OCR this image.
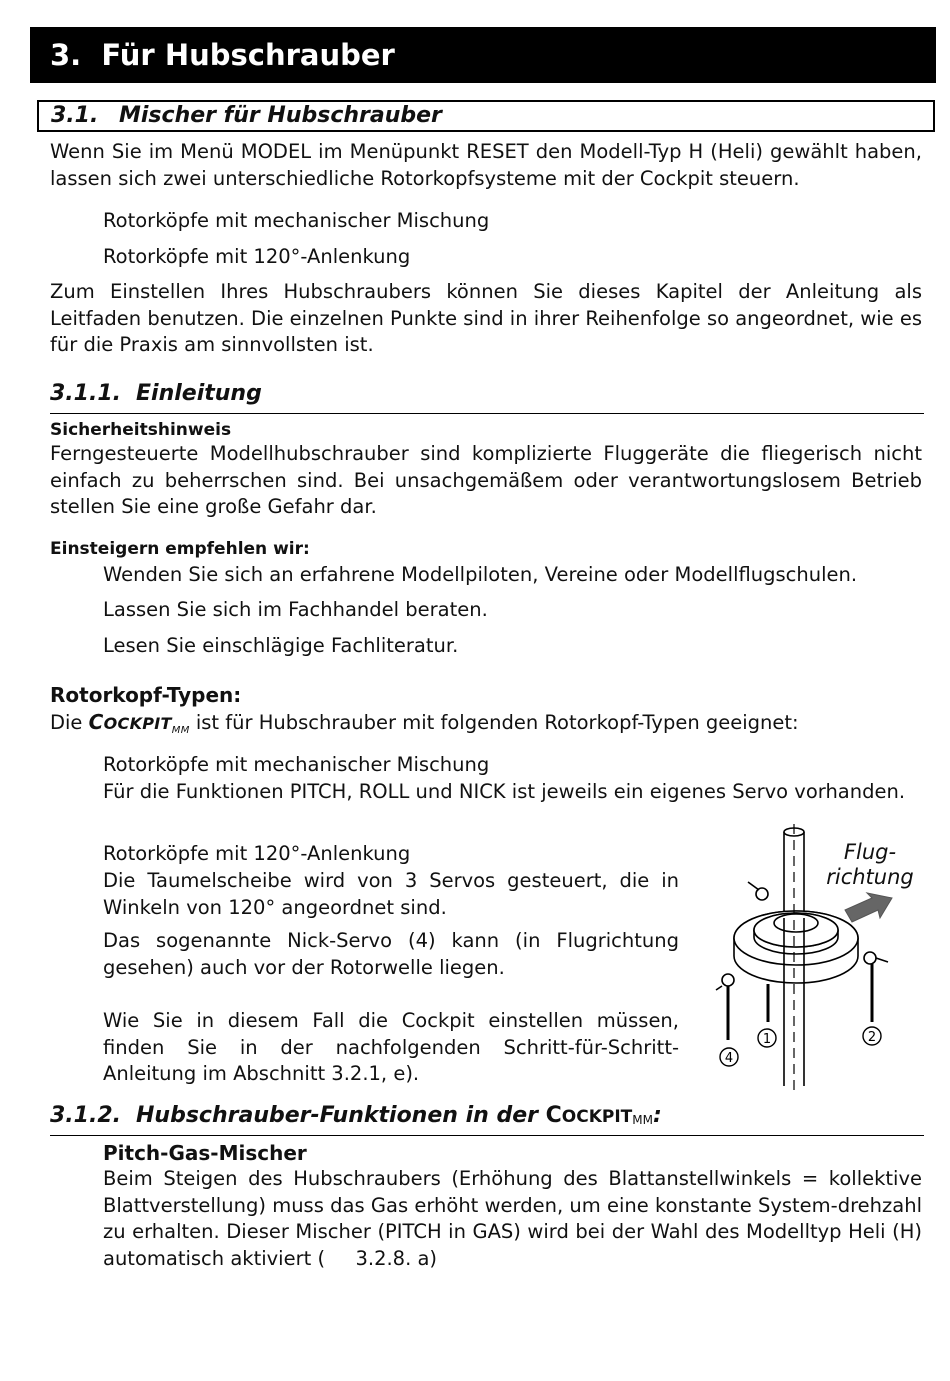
3. Für Hubschrauber
3.1. Mischer für Hubschrauber
Wenn Sie im Menü MODEL im Menüpunkt RESET den Modell-Typ H (Heli) gewählt haben, lassen sich zwei unterschiedliche Rotorkopfsysteme mit der Cockpit steuern.
Rotorköpfe mit mechanischer Mischung
Rotorköpfe mit 120°-Anlenkung
Zum Einstellen Ihres Hubschraubers können Sie dieses Kapitel der Anleitung als Leitfaden benutzen. Die einzelnen Punkte sind in ihrer Reihenfolge so angeordnet, wie es für die Praxis am sinnvollsten ist.
3.1.1. Einleitung
Sicherheitshinweis
Ferngesteuerte Modellhubschrauber sind komplizierte Fluggeräte die fliegerisch nicht einfach zu beherrschen sind. Bei unsachgemäßem oder verantwortungslosem Betrieb stellen Sie eine große Gefahr dar.
Einsteigern empfehlen wir:
Wenden Sie sich an erfahrene Modellpiloten, Vereine oder Modellflugschulen.
Lassen Sie sich im Fachhandel beraten.
Lesen Sie einschlägige Fachliteratur.
Rotorkopf-Typen:
Die $COCKPIT_{MM}$ ist für Hubschrauber mit folgenden Rotorkopf-Typen geeignet:
Rotorköpfe mit mechanischer Mischung
Für die Funktionen PITCH, ROLL und NICK ist jeweils ein eigenes Servo vorhanden.
Rotorköpfe mit 120°-Anlenkung
Die Taumelscheibe wird von 3 Servos gesteuert, die in Winkeln von 120° angeordnet sind.
Das sogenannte Nick-Servo (4) kann (in Flugrichtung gesehen) auch vor der Rotorwelle liegen.
Wie Sie in diesem Fall die Cockpit einstellen müssen, finden Sie in der nachfolgenden Schritt-für-Schritt-Anleitung im Abschnitt 3.2.1, e).
1	2
4
Flug-
richtung
3.1.2. Hubschrauber-Funktionen in der COCKPITMM:
Pitch-Gas-Mischer
Beim Steigen des Hubschraubers (Erhöhung des Blattanstellwinkels = kollektive Blattverstellung) muss das Gas erhöht werden, um eine konstante System-drehzahl zu erhalten. Dieser Mischer (PITCH in GAS) wird bei der Wahl des Modelltyp Heli (H) automatisch aktiviert ( 3.2.8. a)
